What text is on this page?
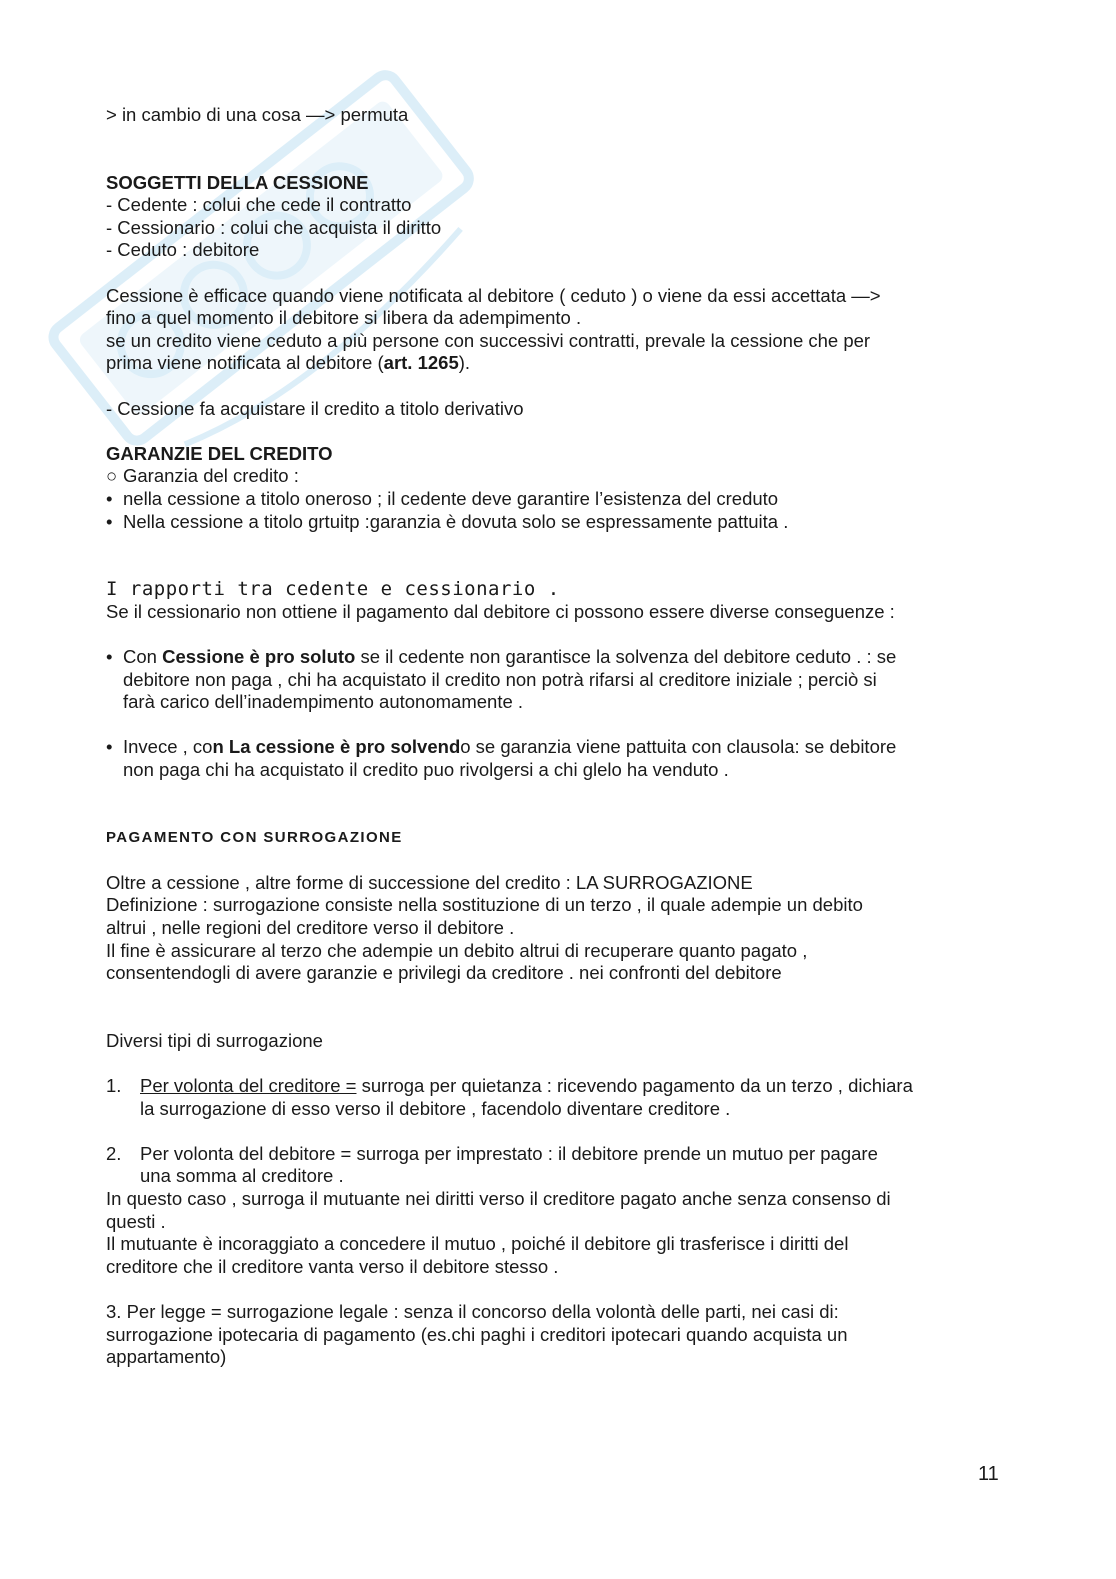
> in cambio di una cosa —> permuta

SOGGETTI DELLA CESSIONE

- Cedente : colui che cede il contratto

- Cessionario : colui che acquista il diritto

- Ceduto : debitore

Cessione è efficace quando viene notificata al debitore ( ceduto ) o viene da essi accettata —>

fino a quel momento il debitore si libera da adempimento .

se un credito viene ceduto a più persone con successivi contratti, prevale la cessione che per

prima viene notificata al debitore (art. 1265).

- Cessione fa acquistare il credito a titolo derivativo

GARANZIE DEL CREDITO

○ Garanzia del credito :

• nella cessione a titolo oneroso ; il cedente deve garantire l’esistenza del creduto

• Nella cessione a titolo grtuitp :garanzia è dovuta solo se espressamente pattuita .

I rapporti tra cedente e cessionario .

Se il cessionario non ottiene il pagamento dal debitore ci possono essere diverse conseguenze :

• Con Cessione è pro soluto se il cedente non garantisce la solvenza del debitore ceduto . : se

debitore non paga , chi ha acquistato il credito non potrà rifarsi al creditore iniziale ; perciò si

farà carico dell’inadempimento autonomamente .

• Invece , con La cessione è pro solvendo se garanzia viene pattuita con clausola: se debitore

non paga chi ha acquistato il credito puo rivolgersi a chi glelo ha venduto .

PAGAMENTO CON SURROGAZIONE

Oltre a cessione , altre forme di successione del credito : LA SURROGAZIONE

Definizione : surrogazione consiste nella sostituzione di un terzo , il quale adempie un debito

altrui , nelle regioni del creditore verso il debitore .

Il fine è assicurare al terzo che adempie un debito altrui di recuperare quanto pagato ,

consentendogli di avere garanzie e privilegi da creditore . nei confronti del debitore

Diversi tipi di surrogazione

1. Per volonta del creditore = surroga per quietanza : ricevendo pagamento da un terzo , dichiara

la surrogazione di esso verso il debitore , facendolo diventare creditore .

2. Per volonta del debitore = surroga per imprestato : il debitore prende un mutuo per pagare

una somma al creditore .

In questo caso , surroga il mutuante nei diritti verso il creditore pagato anche senza consenso di

questi .

Il mutuante è incoraggiato a concedere il mutuo , poiché il debitore gli trasferisce i diritti del

creditore che il creditore vanta verso il debitore stesso .

3. Per legge = surrogazione legale : senza il concorso della volontà delle parti, nei casi di:

surrogazione ipotecaria di pagamento (es.chi paghi i creditori ipotecari quando acquista un

appartamento)

11
